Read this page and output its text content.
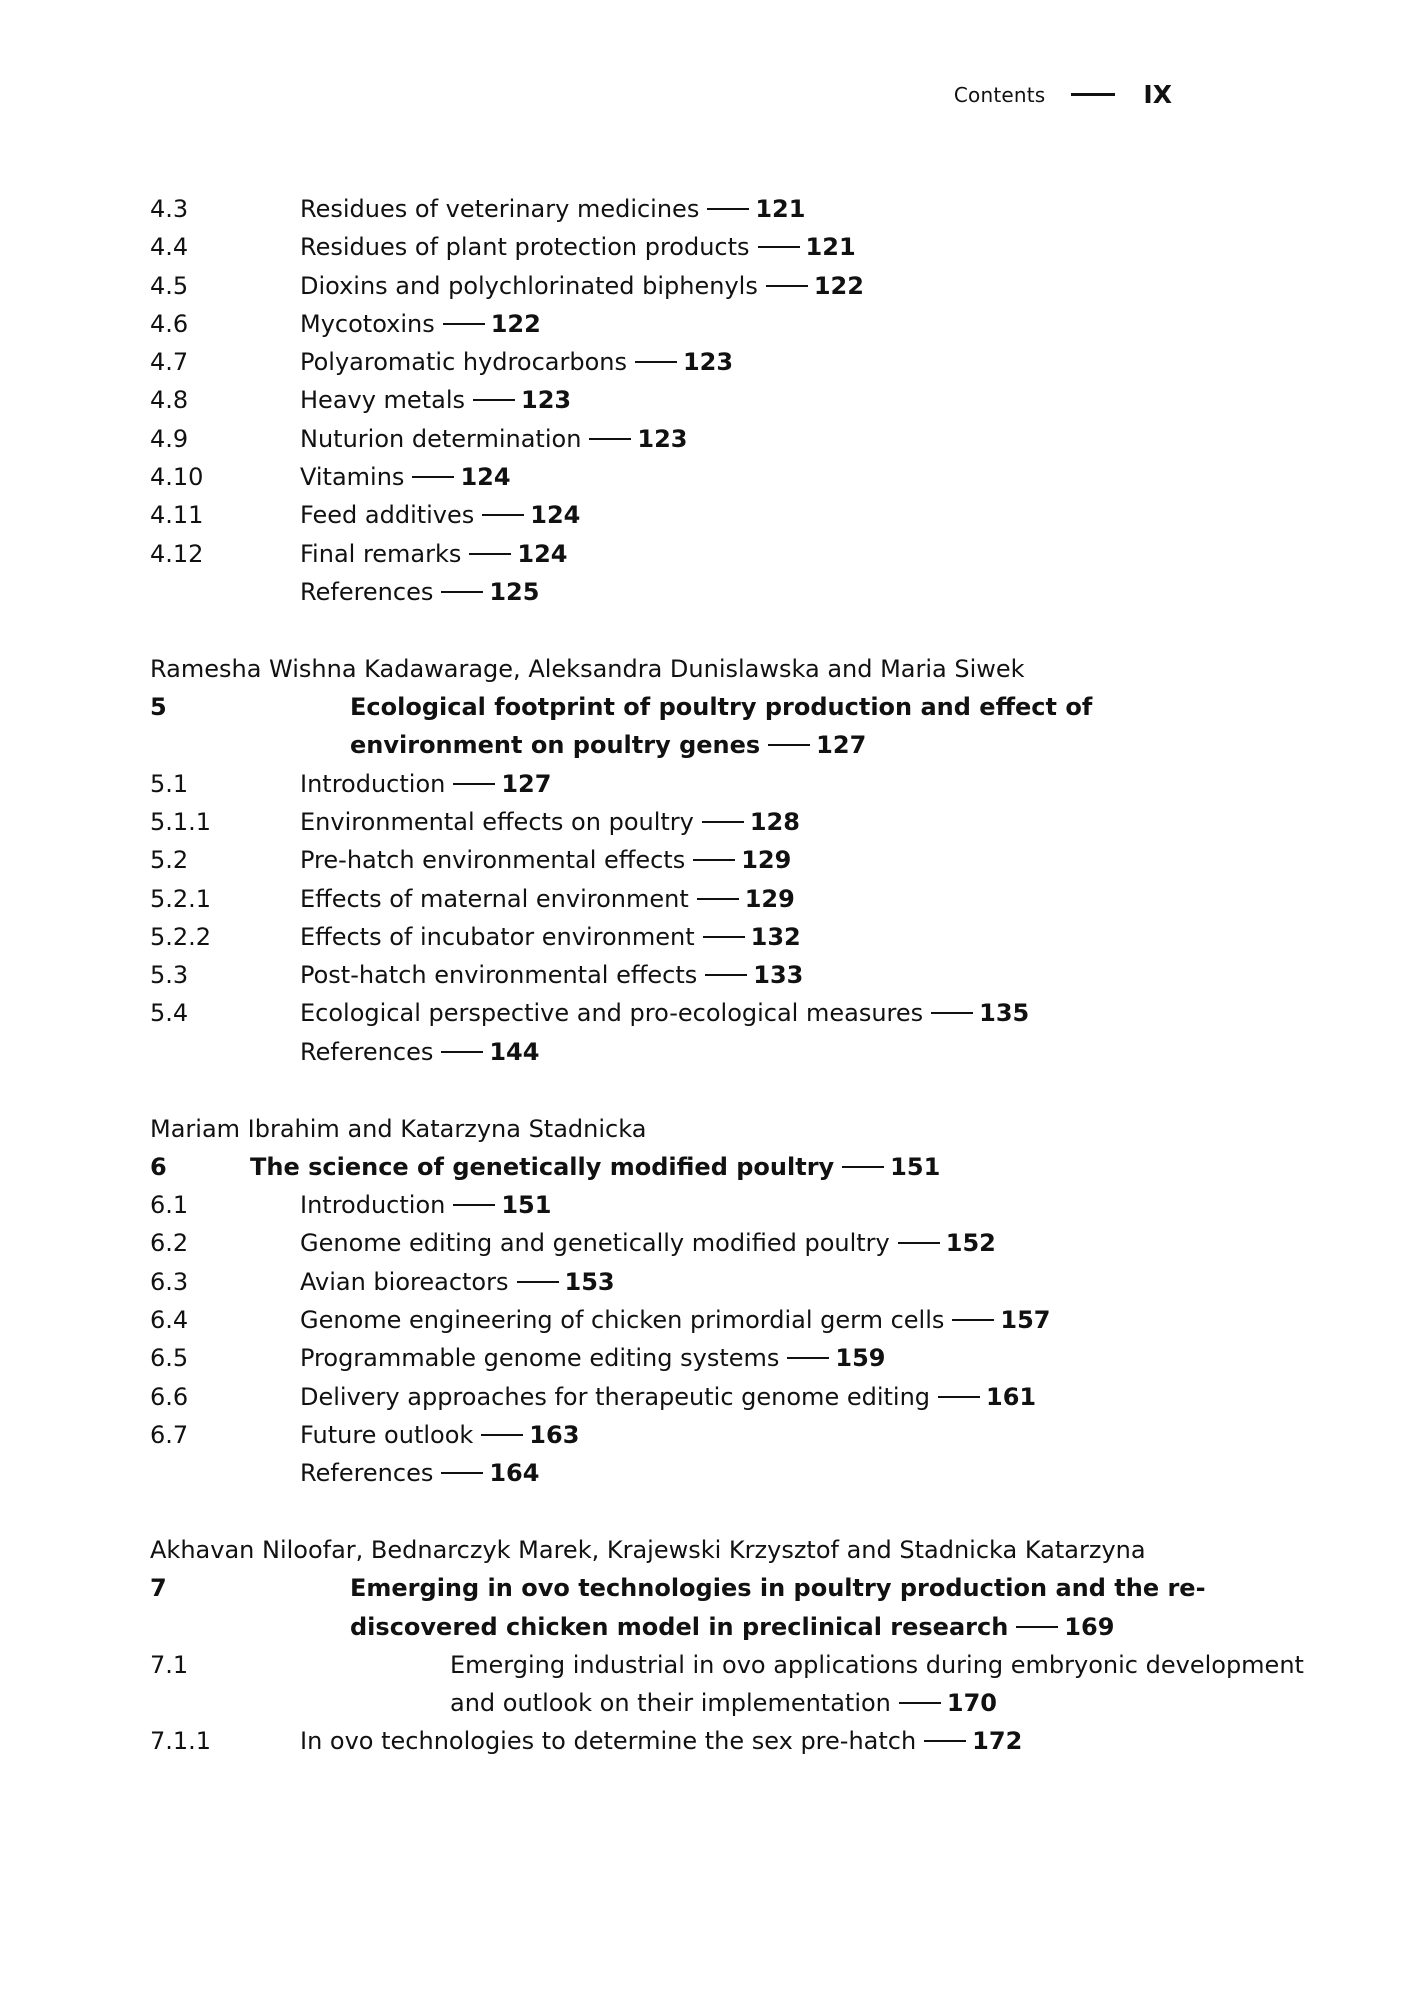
Contents	IX
4.3	Residues of veterinary medicines 121
4.4	Residues of plant protection products 121
4.5	Dioxins and polychlorinated biphenyls 122
4.6	Mycotoxins 122
4.7	Polyaromatic hydrocarbons 123
4.8	Heavy metals 123
4.9	Nuturion determination 123
4.10	Vitamins 124
4.11	Feed additives 124
4.12	Final remarks 124
References 125
Ramesha Wishna Kadawarage, Aleksandra Dunislawska and Maria Siwek
5	Ecological footprint of poultry production and effect of environment on poultry genes 127
5.1	Introduction 127
5.1.1	Environmental effects on poultry 128
5.2	Pre-hatch environmental effects 129
5.2.1	Effects of maternal environment 129
5.2.2	Effects of incubator environment 132
5.3	Post-hatch environmental effects 133
5.4	Ecological perspective and pro-ecological measures 135
References 144
Mariam Ibrahim and Katarzyna Stadnicka
6	The science of genetically modified poultry 151
6.1	Introduction 151
6.2	Genome editing and genetically modified poultry 152
6.3	Avian bioreactors 153
6.4	Genome engineering of chicken primordial germ cells 157
6.5	Programmable genome editing systems 159
6.6	Delivery approaches for therapeutic genome editing 161
6.7	Future outlook 163
References 164
Akhavan Niloofar, Bednarczyk Marek, Krajewski Krzysztof and Stadnicka Katarzyna
7	Emerging in ovo technologies in poultry production and the re-discovered chicken model in preclinical research 169
7.1	Emerging industrial in ovo applications during embryonic development and outlook on their implementation 170
7.1.1	In ovo technologies to determine the sex pre-hatch 172
